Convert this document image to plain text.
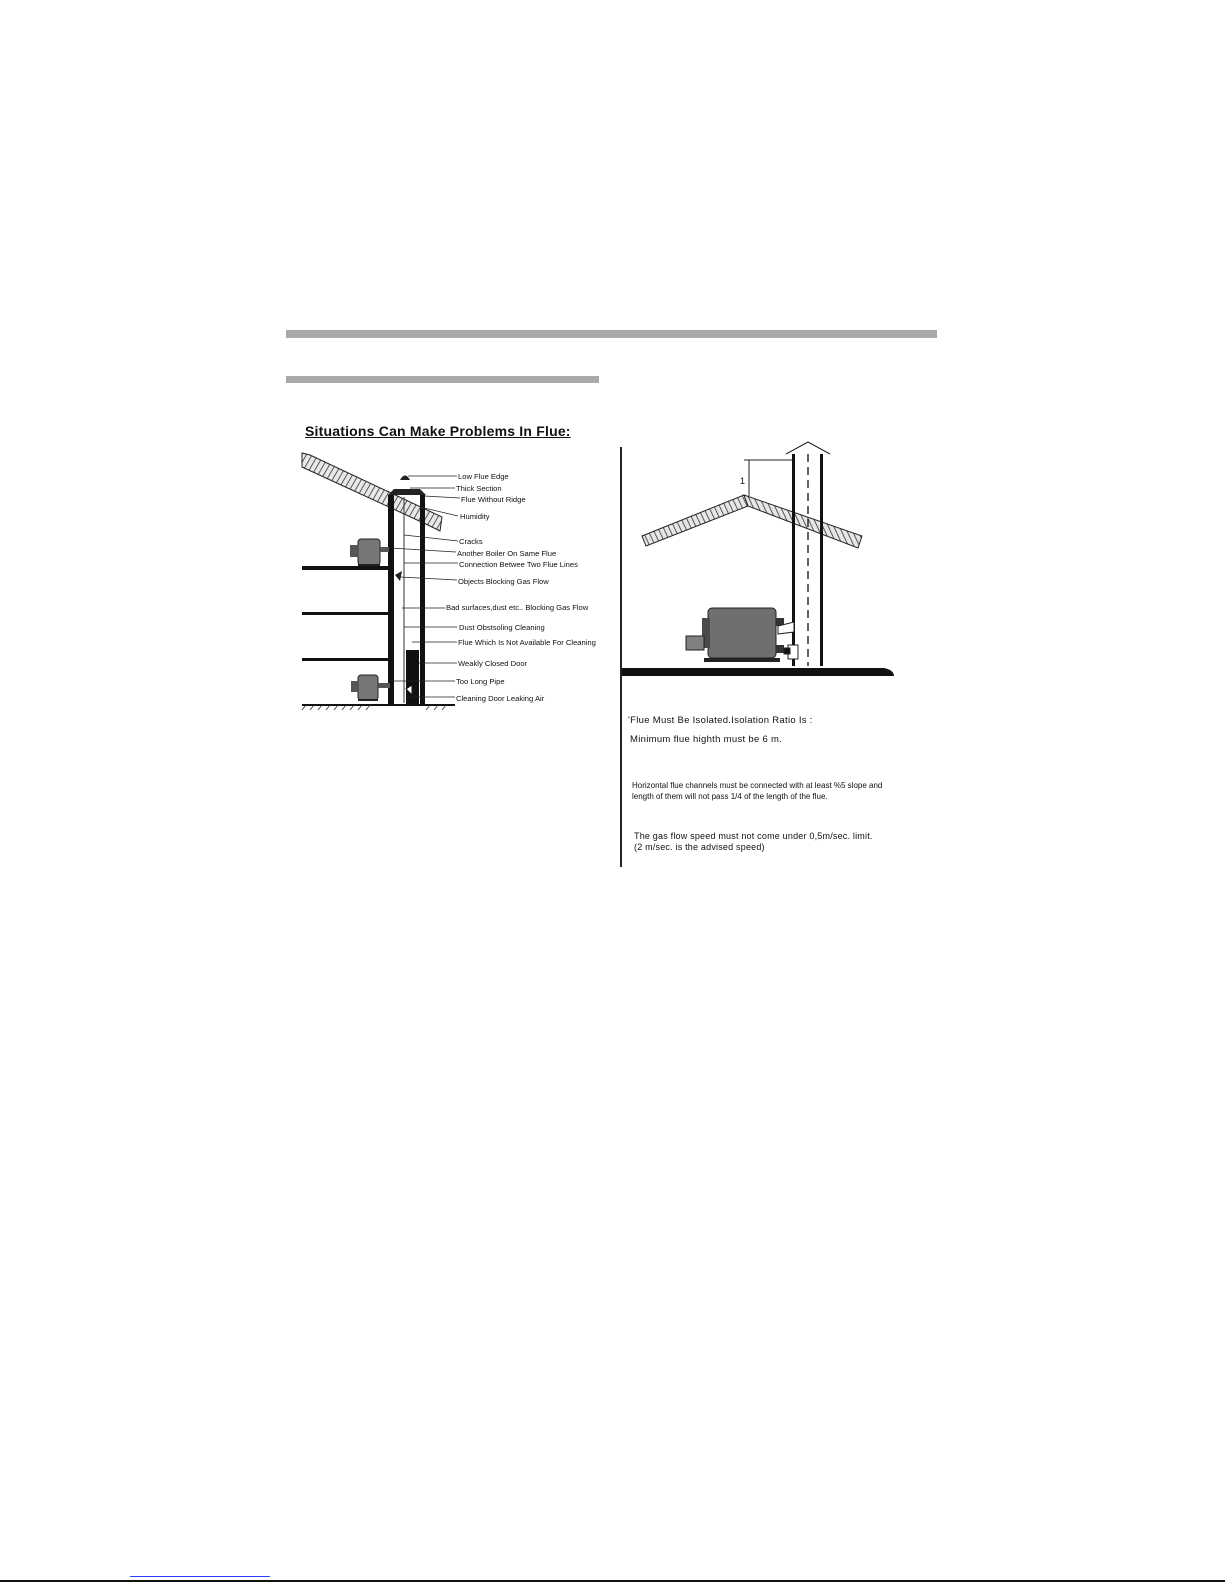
Situations Can Make Problems In Flue:
Low Flue Edge
Thick Section
Flue Without Ridge
Humidity
Cracks
Another Boiler On Same Flue
Connection Betwee Two Flue Lines
Objects Blocking Gas Flow
Bad surfaces,dust etc.. Blocking Gas Flow
Dust Obstsoling Cleaning
Flue Which Is Not Available For Cleaning
Weakly Closed Door
Too Long Pipe
Cleaning Door Leaking Air
1
'Flue Must Be Isolated.Isolation Ratio Is :
Minimum flue highth must be 6 m.
Horizontal flue channels must be connected with at least %5 slope and
length of them will not pass 1/4 of the length of the flue.
The gas flow speed must not come under 0,5m/sec. limit.
(2 m/sec. is the advised speed)
